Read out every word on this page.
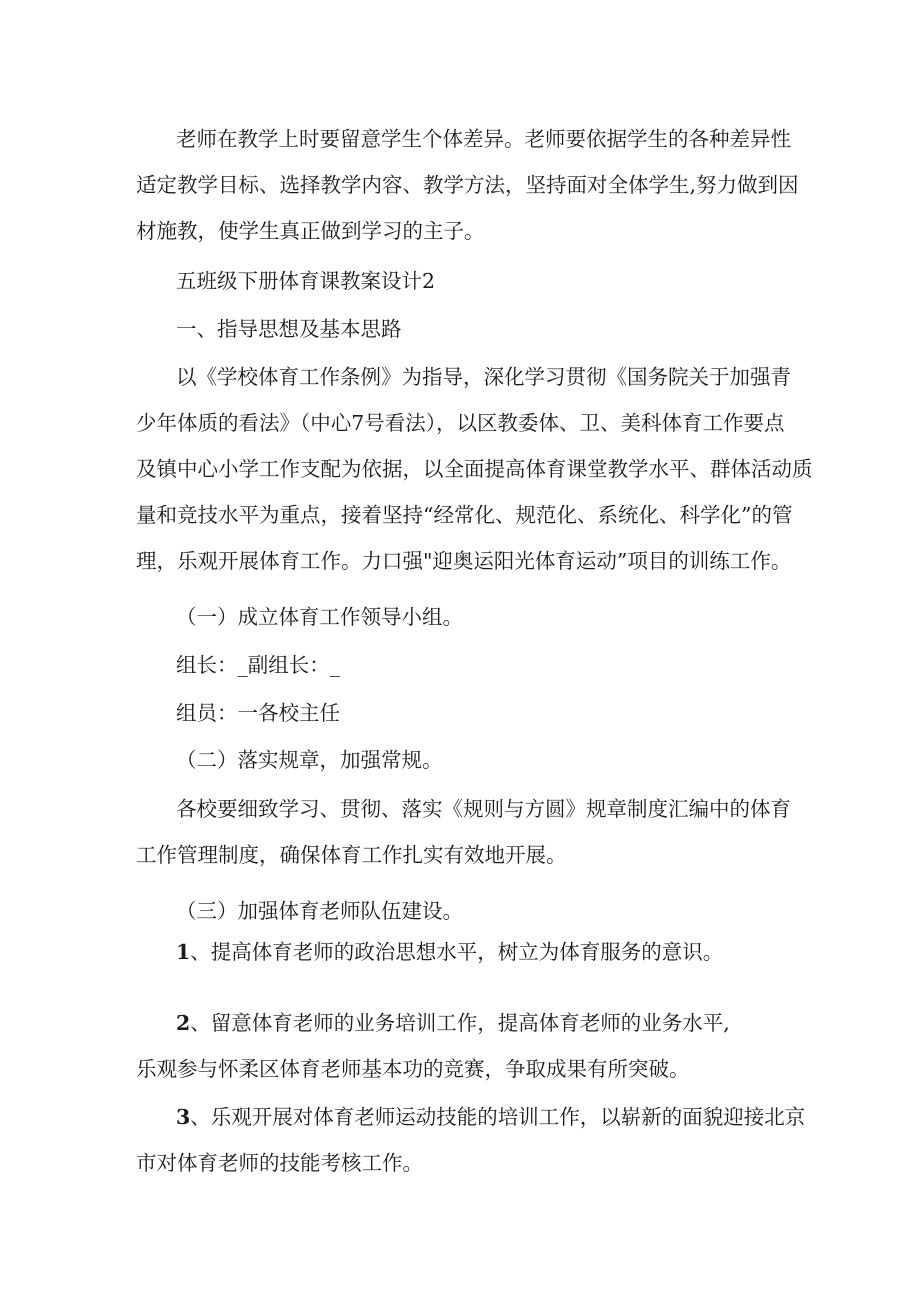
老师在教学上时要留意学生个体差异。老师要依据学生的各种差异性
适定教学目标、选择教学内容、教学方法，坚持面对全体学生,努力做到因
材施教，使学生真正做到学习的主子。
五班级下册体育课教案设计2
一、指导思想及基本思路
以《学校体育工作条例》为指导，深化学习贯彻《国务院关于加强青
少年体质的看法》（中心7号看法），以区教委体、卫、美科体育工作要点
及镇中心小学工作支配为依据，以全面提高体育课堂教学水平、群体活动质
量和竞技水平为重点，接着坚持“经常化、规范化、系统化、科学化”的管
理，乐观开展体育工作。力口强"迎奥运阳光体育运动”项目的训练工作。
（一）成立体育工作领导小组。
组长：_副组长：_
组员：一各校主任
（二）落实规章，加强常规。
各校要细致学习、贯彻、落实《规则与方圆》规章制度汇编中的体育
工作管理制度，确保体育工作扎实有效地开展。
（三）加强体育老师队伍建设。
1、提高体育老师的政治思想水平，树立为体育服务的意识。
2、留意体育老师的业务培训工作，提高体育老师的业务水平,
乐观参与怀柔区体育老师基本功的竞赛，争取成果有所突破。
3、乐观开展对体育老师运动技能的培训工作，以崭新的面貌迎接北京
市对体育老师的技能考核工作。
